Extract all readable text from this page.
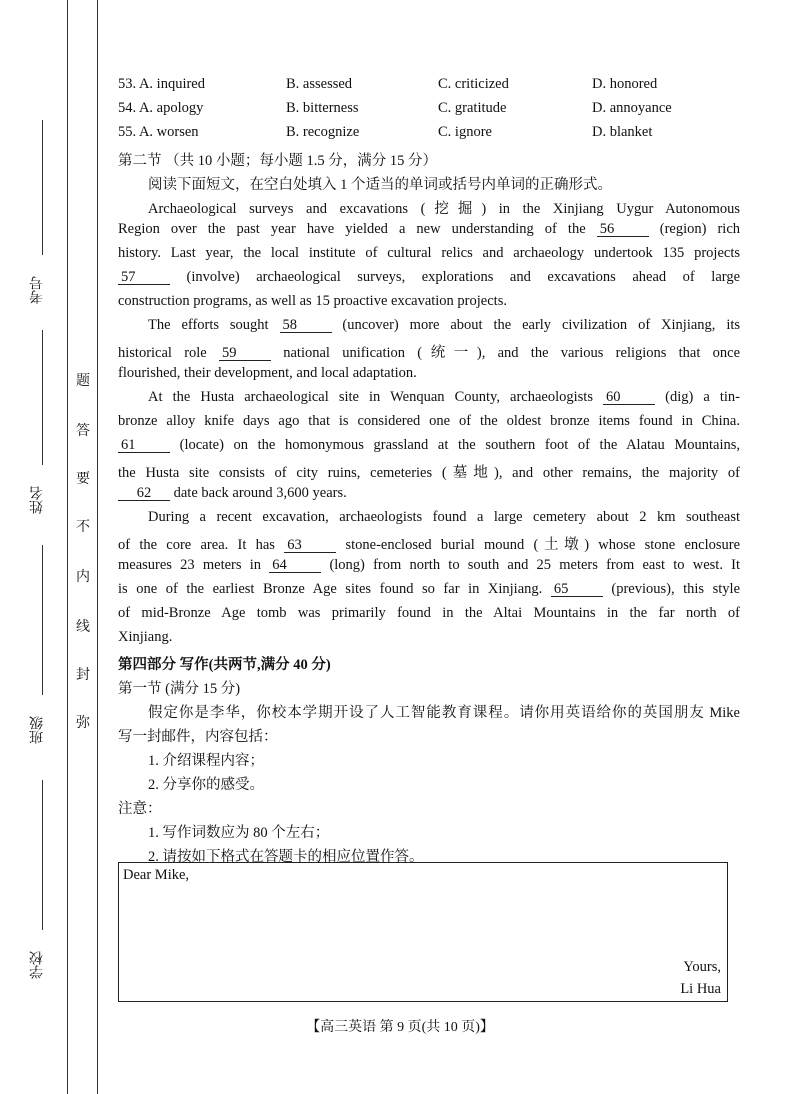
考号
姓名
班级
学校
题
答
要
不
内
线
封
弥
53. A. inquired	B. assessed	C. criticized	D. honored
54. A. apology	B. bitterness	C. gratitude	D. annoyance
55. A. worsen	B. recognize	C. ignore	D. blanket
第二节 （共 10 小题；每小题 1.5 分，满分 15 分）
阅读下面短文，在空白处填入 1 个适当的单词或括号内单词的正确形式。
Archaeological surveys and excavations (挖掘) in the Xinjiang Uygur Autonomous
Region over the past year have yielded a new understanding of the 56	(region) rich
history. Last year, the local institute of cultural relics and archaeology undertook 135 projects
57	(involve) archaeological surveys, explorations and excavations ahead of large
construction programs, as well as 15 proactive excavation projects.
The efforts sought 58	(uncover) more about the early civilization of Xinjiang, its
historical role 59	national unification (统一), and the various religions that once
flourished, their development, and local adaptation.
At the Husta archaeological site in Wenquan County, archaeologists 60	(dig) a tin-
bronze alloy knife days ago that is considered one of the oldest bronze items found in China.
61	(locate) on the homonymous grassland at the southern foot of the Alatau Mountains,
the Husta site consists of city ruins, cemeteries (墓地), and other remains, the majority of
62 date back around 3,600 years.
During a recent excavation, archaeologists found a large cemetery about 2 km southeast
of the core area. It has 63	stone-enclosed burial mound (土墩) whose stone enclosure
measures 23 meters in 64	(long) from north to south and 25 meters from east to west. It
is one of the earliest Bronze Age sites found so far in Xinjiang. 65	(previous), this style
of mid-Bronze Age tomb was primarily found in the Altai Mountains in the far north of
Xinjiang.
第四部分 写作(共两节,满分 40 分)
第一节 (满分 15 分)
假定你是李华，你校本学期开设了人工智能教育课程。请你用英语给你的英国朋友 Mike
写一封邮件，内容包括：
1. 介绍课程内容；
2. 分享你的感受。
注意：
1. 写作词数应为 80 个左右；
2. 请按如下格式在答题卡的相应位置作答。
Dear Mike,
Yours,
Li Hua
【高三英语 第 9 页(共 10 页)】
